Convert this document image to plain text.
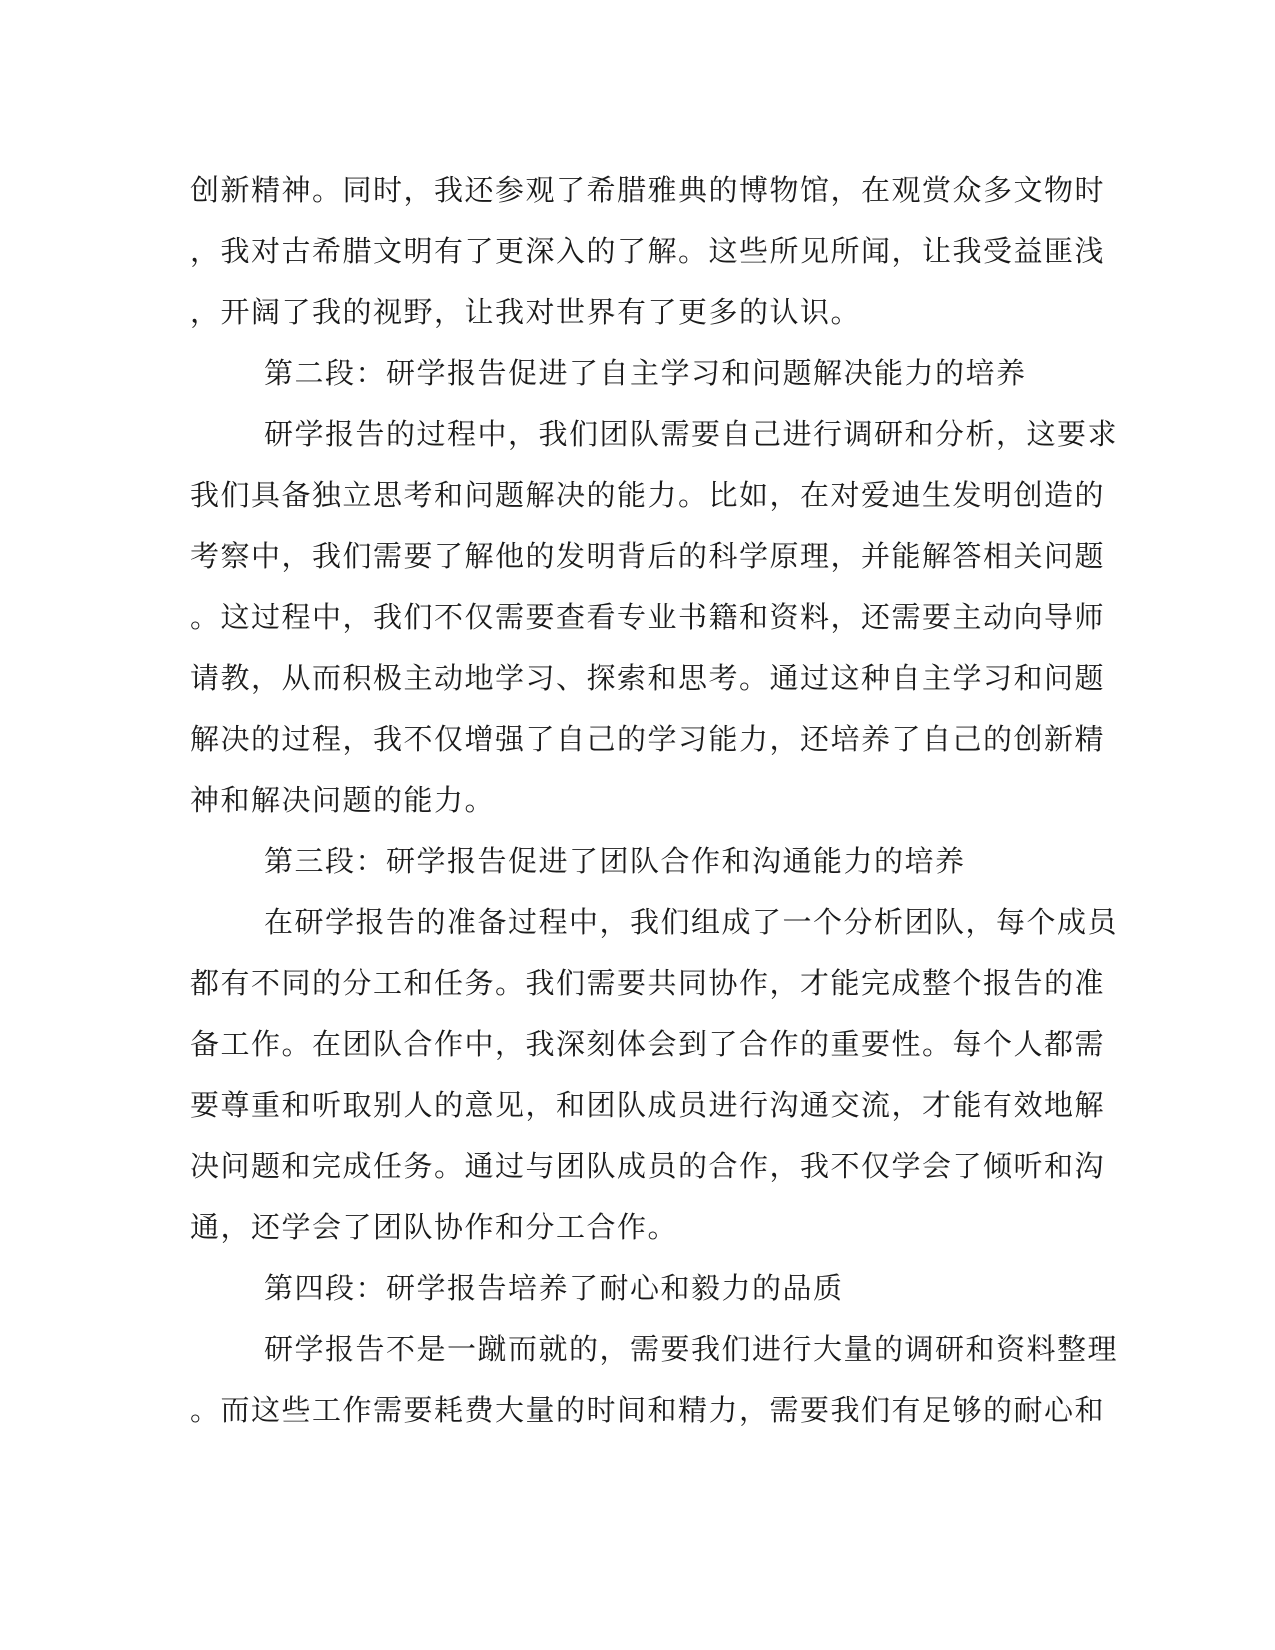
创新精神。同时，我还参观了希腊雅典的博物馆，在观赏众多文物时
，我对古希腊文明有了更深入的了解。这些所见所闻，让我受益匪浅
，开阔了我的视野，让我对世界有了更多的认识。
第二段：研学报告促进了自主学习和问题解决能力的培养
研学报告的过程中，我们团队需要自己进行调研和分析，这要求
我们具备独立思考和问题解决的能力。比如，在对爱迪生发明创造的
考察中，我们需要了解他的发明背后的科学原理，并能解答相关问题
。这过程中，我们不仅需要查看专业书籍和资料，还需要主动向导师
请教，从而积极主动地学习、探索和思考。通过这种自主学习和问题
解决的过程，我不仅增强了自己的学习能力，还培养了自己的创新精
神和解决问题的能力。
第三段：研学报告促进了团队合作和沟通能力的培养
在研学报告的准备过程中，我们组成了一个分析团队，每个成员
都有不同的分工和任务。我们需要共同协作，才能完成整个报告的准
备工作。在团队合作中，我深刻体会到了合作的重要性。每个人都需
要尊重和听取别人的意见，和团队成员进行沟通交流，才能有效地解
决问题和完成任务。通过与团队成员的合作，我不仅学会了倾听和沟
通，还学会了团队协作和分工合作。
第四段：研学报告培养了耐心和毅力的品质
研学报告不是一蹴而就的，需要我们进行大量的调研和资料整理
。而这些工作需要耗费大量的时间和精力，需要我们有足够的耐心和
